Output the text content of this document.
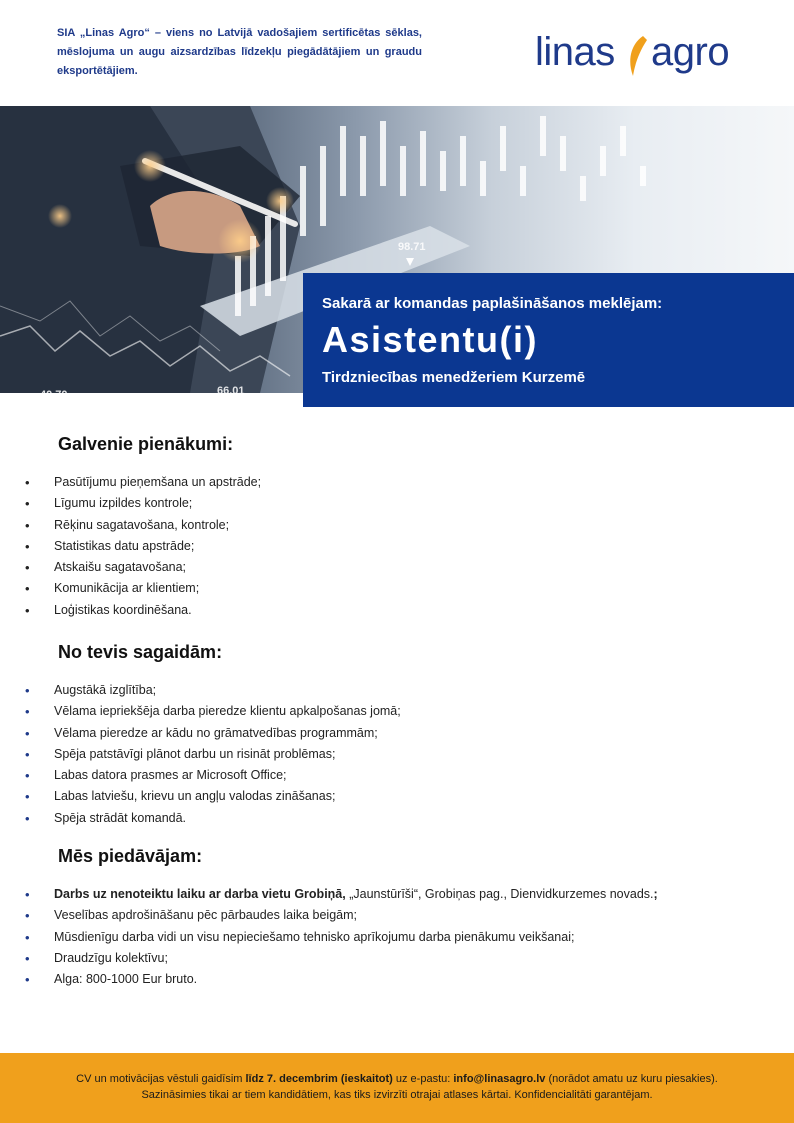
SIA „Linas Agro“ – viens no Latvijā vadošajiem sertificētas sēklas, mēslojuma un augu aizsardzības līdzekļu piegādātājiem un graudu eksportētājiem.	linas agro
98.71
66.01
40.70
Sakarā ar komandas paplašināšanos meklējam:
Asistentu(i)
Tirdzniecības menedžeriem Kurzemē
Galvenie pienākumi:
• Pasūtījumu pieņemšana un apstrāde;
• Līgumu izpildes kontrole;
• Rēķinu sagatavošana, kontrole;
• Statistikas datu apstrāde;
• Atskaišu sagatavošana;
• Komunikācija ar klientiem;
• Loģistikas koordinēšana.
No tevis sagaidām:
• Augstākā izglītība;
• Vēlama iepriekšēja darba pieredze klientu apkalpošanas jomā;
• Vēlama pieredze ar kādu no grāmatvedības programmām;
• Spēja patstāvīgi plānot darbu un risināt problēmas;
• Labas datora prasmes ar Microsoft Office;
• Labas latviešu, krievu un angļu valodas zināšanas;
• Spēja strādāt komandā.
Mēs piedāvājam:
• Darbs uz nenoteiktu laiku ar darba vietu Grobiņā, „Jaunstūrīši“, Grobiņas pag., Dienvidkurzemes novads.;
• Veselības apdrošināšanu pēc pārbaudes laika beigām;
• Mūsdienīgu darba vidi un visu nepieciešamo tehnisko aprīkojumu darba pienākumu veikšanai;
• Draudzīgu kolektīvu;
• Alga: 800-1000 Eur bruto.
CV un motivācijas vēstuli gaidīsim līdz 7. decembrim (ieskaitot) uz e-pastu: info@linasagro.lv (norādot amatu uz kuru piesakies).
Sazināsimies tikai ar tiem kandidātiem, kas tiks izvirzīti otrajai atlases kārtai. Konfidencialitāti garantējam.
